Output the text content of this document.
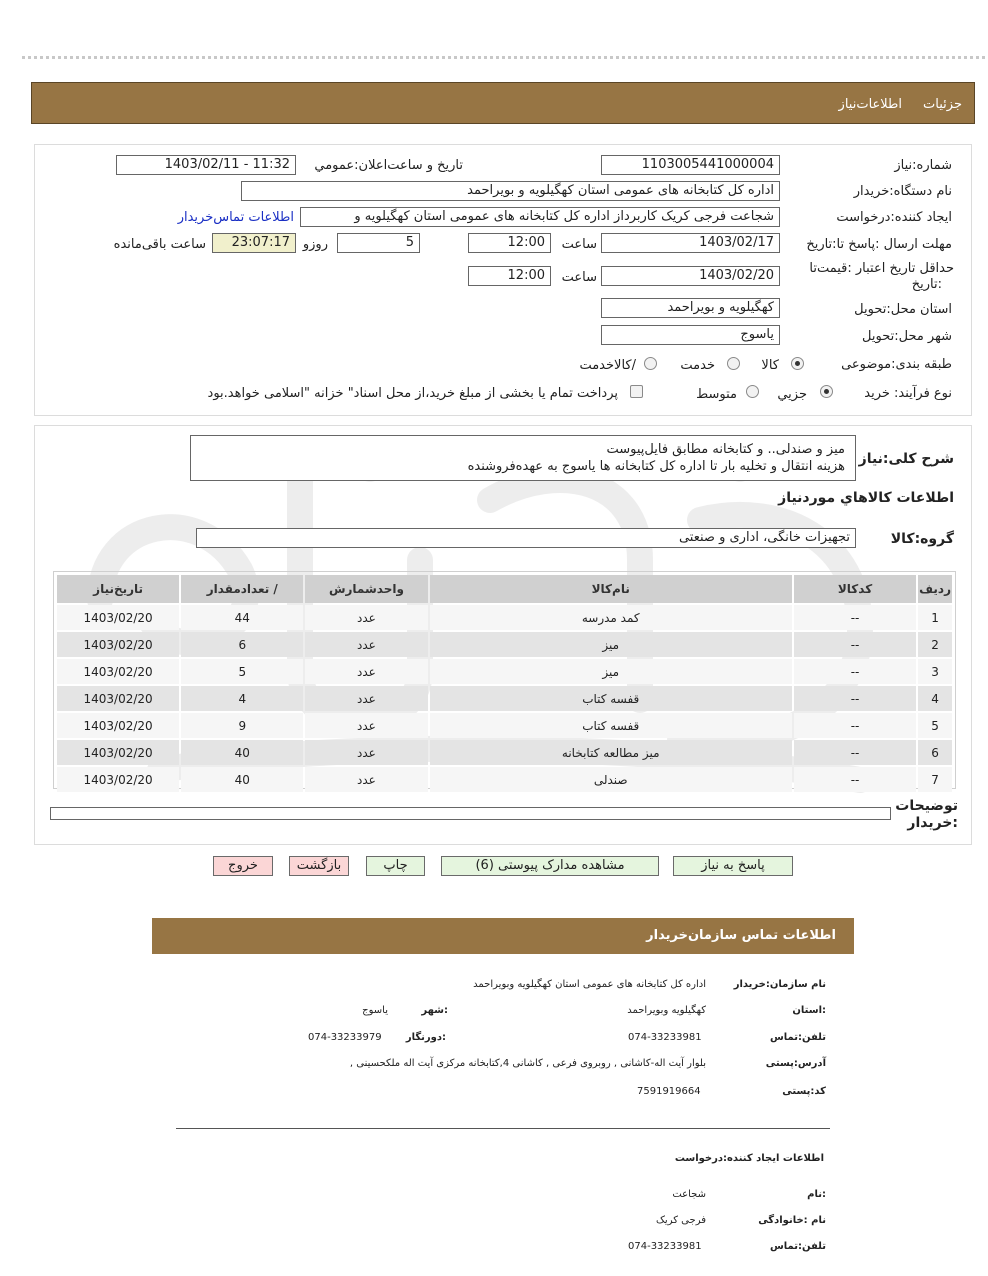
جزئیات
اطلاعات‌نیاز
شماره:نیاز
1103005441000004
تاریخ و ساعت‌اعلان:عمومي
1403/02/11 - 11:32
نام دستگاه:خریدار
اداره کل کتابخانه های عمومی استان کهگیلویه و بویراحمد
ایجاد کننده:درخواست
شجاعت فرجی کریک کاربرداز اداره کل کتابخانه های عمومی استان کهگیلویه و
اطلاعات تماس‌خریدار
مهلت ارسال :پاسخ تا:تاریخ
1403/02/17
ساعت
12:00
5
روزو
23:07:17
ساعت باقی‌مانده
حداقل تاریخ اعتبار :قیمت‌تا
:تاریخ
1403/02/20
ساعت
12:00
استان محل:تحویل
کهگیلویه و بویراحمد
شهر محل:تحویل
یاسوج
طبقه بندی:موضوعی
کالا
خدمت
/کالاخدمت
نوع فرآیند: خرید
جزیي
متوسط
پرداخت تمام یا بخشی از مبلغ خرید،از محل اسناد" خزانه "اسلامی خواهد.بود
شرح کلی:نیاز
میز و صندلی.. و کتابخانه مطابق فایل‌پیوست
هزینه انتقال و تخلیه بار تا اداره کل کتابخانه ها یاسوج به عهده‌فروشنده
اطلاعات کالاهاي مورد‌نیاز
گروه:کالا
تجهیزات خانگی، اداری و صنعتی
ردیف	کدکالا	نام‌کالا	واحدشمارش	/ تعدادمقدار	تاریخ‌نیاز
1	--	کمد مدرسه	عدد	44	1403/02/20
2	--	میز	عدد	6	1403/02/20
3	--	میز	عدد	5	1403/02/20
4	--	قفسه کتاب	عدد	4	1403/02/20
5	--	قفسه کتاب	عدد	9	1403/02/20
6	--	میز مطالعه کتابخانه	عدد	40	1403/02/20
7	--	صندلی	عدد	40	1403/02/20
توضیحات
:خریدار
پاسخ به نیاز
مشاهده مدارک پیوستی (6)
چاپ
بازگشت
خروج
اطلاعات تماس سازمان‌خریدار
نام سازمان:خریدار
اداره کل کتابخانه های عمومی استان کهگیلویه وبویراحمد
:استان
کهگیلویه وبویراحمد
:شهر
یاسوج
تلفن:تماس
074-33233981
:دورنگار
074-33233979
آدرس:پستی
بلوار آیت اله-کاشانی , روبروی فرعی , کاشانی 4,کتابخانه مرکزی آیت اله ملکحسینی ,
کد:پستی
7591919664
اطلاعات ایجاد کننده:درخواست
:نام
شجاعت
نام :خانوادگی
فرجی کریک
تلفن:تماس
074-33233981
